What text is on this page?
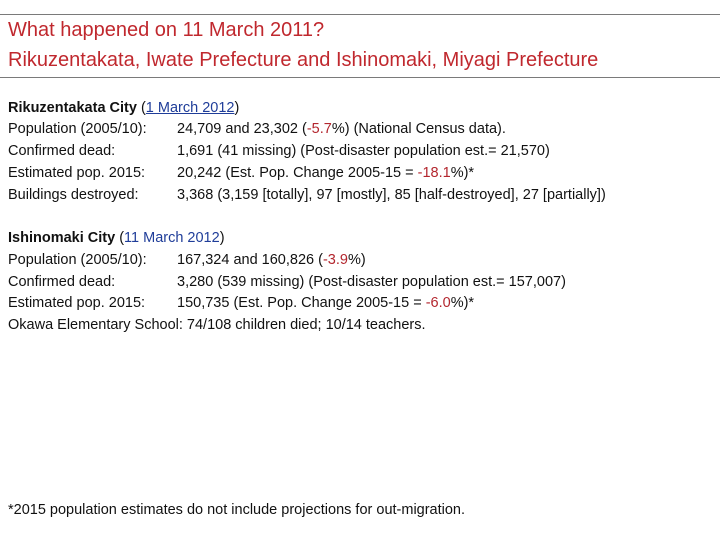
What happened on 11 March 2011?
Rikuzentakata, Iwate Prefecture and Ishinomaki, Miyagi Prefecture
Rikuzentakata City (1 March 2012)
Population (2005/10): 24,709 and 23,302 (-5.7%) (National Census data).
Confirmed dead:	1,691 (41 missing) (Post-disaster population est.= 21,570)
Estimated pop. 2015: 20,242 (Est. Pop. Change 2005-15 = -18.1%)*
Buildings destroyed:	3,368 (3,159 [totally], 97 [mostly], 85 [half-destroyed], 27 [partially])
Ishinomaki City (11 March 2012)
Population (2005/10): 167,324 and 160,826 (-3.9%)
Confirmed dead:	3,280 (539 missing) (Post-disaster population est.= 157,007)
Estimated pop. 2015: 150,735 (Est. Pop. Change 2005-15 = -6.0%)*
Okawa Elementary School: 74/108 children died; 10/14 teachers.
*2015 population estimates do not include projections for out-migration.
